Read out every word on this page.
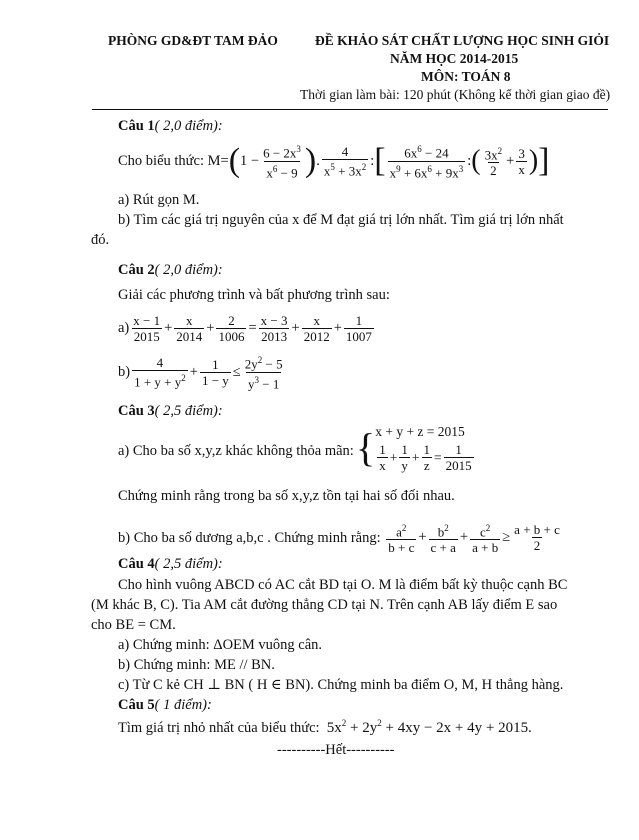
PHÒNG GD&ĐT TAM ĐẢO	ĐỀ KHẢO SÁT CHẤT LƯỢNG HỌC SINH GIỎI
NĂM HỌC 2014-2015
MÔN: TOÁN 8
Thời gian làm bài: 120 phút (Không kể thời gian giao đề)
Câu 1( 2,0 điểm):
Cho biểu thức: M= ( $1 - \frac{6 - 2x^3}{x^6 - 9}$ ) . $\frac{4}{x^5 + 3x^2}$ : [ $\frac{6x^6 - 24}{x^9 + 6x^6 + 9x^3}$ : ( $\frac{3x^2}{2} + \frac{3}{x}$ ) ]
a) Rút gọn M.
b) Tìm các giá trị nguyên của x để M đạt giá trị lớn nhất. Tìm giá trị lớn nhất
đó.
Câu 2( 2,0 điểm):
Giải các phương trình và bất phương trình sau:
$a) \frac{x - 1}{2015} + \frac{x}{2014} + \frac{2}{1006} = \frac{x - 3}{2013} + \frac{x}{2012} + \frac{1}{1007}$
$b) \frac{4}{1 + y + y^2} + \frac{1}{1 - y} \le \frac{2y^2 - 5}{y^3 - 1}$
Câu 3( 2,5 điểm):
a) Cho ba số x,y,z khác không thỏa mãn: { x + y + z = 2015
$\frac{1}{x} + \frac{1}{y} + \frac{1}{z} = \frac{1}{2015}$
Chứng minh rằng trong ba số x,y,z tồn tại hai số đối nhau.
b) Cho ba số dương a,b,c . Chứng minh rằng:
$\frac{a^2}{b + c} + \frac{b^2}{c + a} + \frac{c^2}{a + b} \ge \frac{a + b + c}{2}$
Câu 4( 2,5 điểm):
Cho hình vuông ABCD có AC cắt BD tại O. M là điểm bất kỳ thuộc cạnh BC
(M khác B, C). Tia AM cắt đường thẳng CD tại N. Trên cạnh AB lấy điểm E sao
cho BE = CM.
a) Chứng minh: ΔOEM vuông cân.
b) Chứng minh: ME // BN.
c) Từ C kẻ CH ⊥ BN ( H ∈ BN). Chứng minh ba điểm O, M, H thẳng hàng.
Câu 5( 1 điểm):
Tìm giá trị nhỏ nhất của biểu thức: $5x^2 + 2y^2 + 4xy - 2x + 4y + 2015$.
----------Hết----------
